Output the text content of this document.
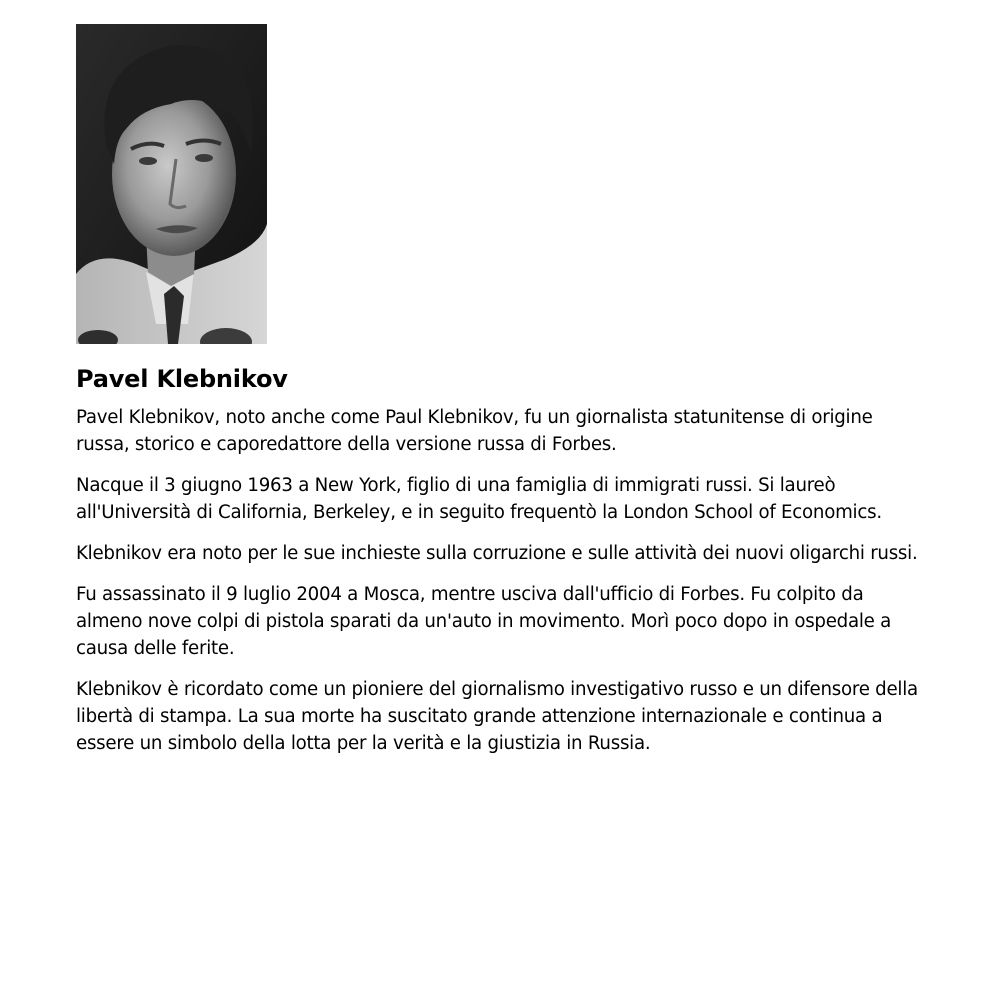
Pavel Klebnikov

Pavel Klebnikov, noto anche come Paul Klebnikov, fu un giornalista statunitense di origine russa, storico e caporedattore della versione russa di Forbes.

Nacque il 3 giugno 1963 a New York, figlio di una famiglia di immigrati russi. Si laureò all'Università di California, Berkeley, e in seguito frequentò la London School of Economics.

Klebnikov era noto per le sue inchieste sulla corruzione e sulle attività dei nuovi oligarchi russi.

Fu assassinato il 9 luglio 2004 a Mosca, mentre usciva dall'ufficio di Forbes. Fu colpito da almeno nove colpi di pistola sparati da un'auto in movimento. Morì poco dopo in ospedale a causa delle ferite.

Klebnikov è ricordato come un pioniere del giornalismo investigativo russo e un difensore della libertà di stampa. La sua morte ha suscitato grande attenzione internazionale e continua a essere un simbolo della lotta per la verità e la giustizia in Russia.
